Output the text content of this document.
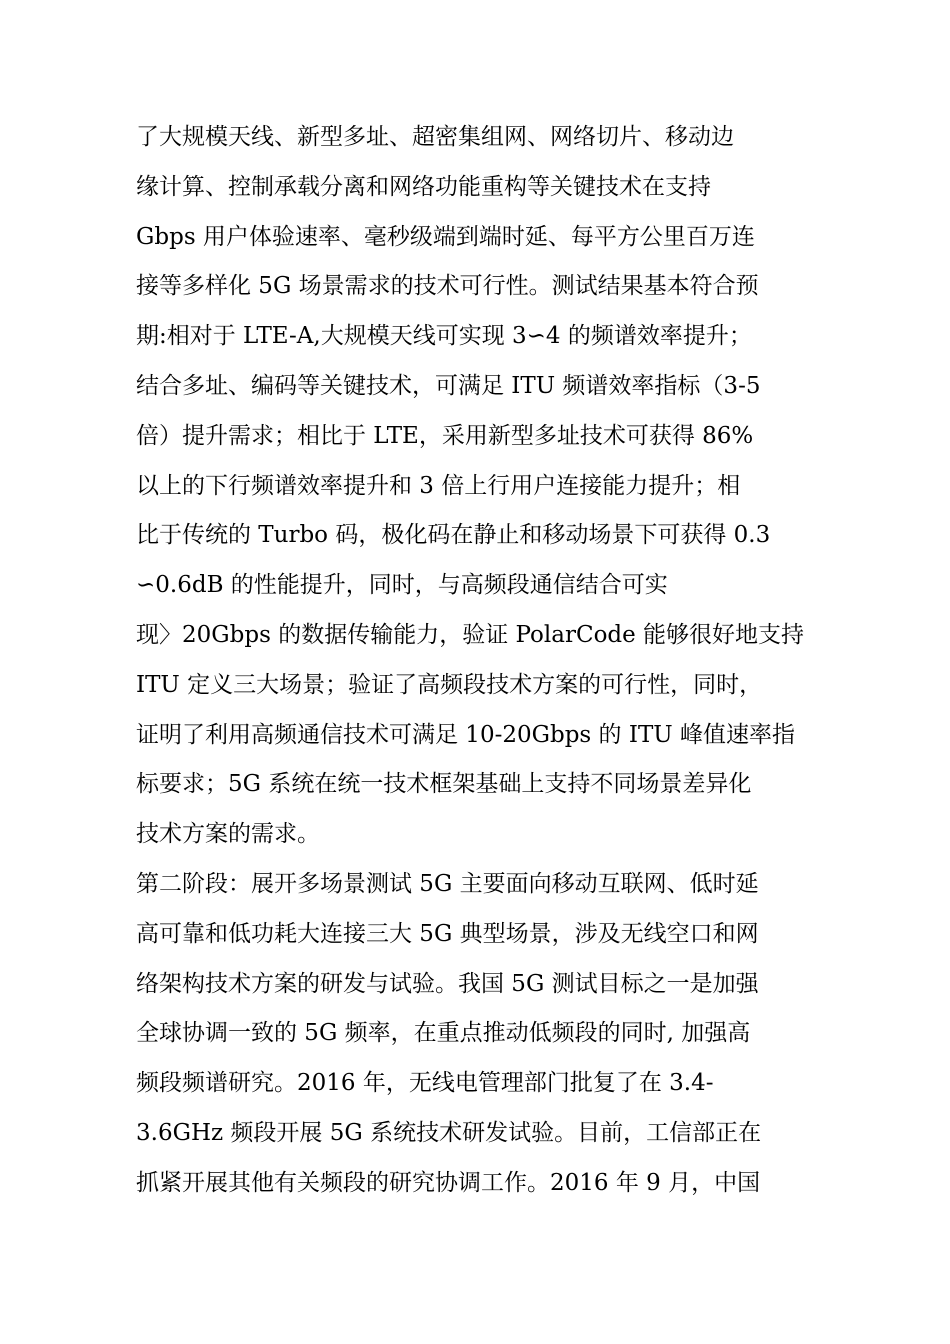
了大规模天线、新型多址、超密集组网、网络切片、移动边
缘计算、控制承载分离和网络功能重构等关键技术在支持
Gbps 用户体验速率、毫秒级端到端时延、每平方公里百万连
接等多样化 5G 场景需求的技术可行性。测试结果基本符合预
期:相对于 LTE-A,大规模天线可实现 3∽4 的频谱效率提升；
结合多址、编码等关键技术，可满足 ITU 频谱效率指标（3-5
倍）提升需求；相比于 LTE，采用新型多址技术可获得 86%
以上的下行频谱效率提升和 3 倍上行用户连接能力提升；相
比于传统的 Turbo 码，极化码在静止和移动场景下可获得 0.3
∽0.6dB 的性能提升，同时，与高频段通信结合可实
现〉20Gbps 的数据传输能力，验证 PolarCode 能够很好地支持
ITU 定义三大场景；验证了高频段技术方案的可行性，同时，
证明了利用高频通信技术可满足 10-20Gbps 的 ITU 峰值速率指
标要求；5G 系统在统一技术框架基础上支持不同场景差异化
技术方案的需求。
第二阶段：展开多场景测试 5G 主要面向移动互联网、低时延
高可靠和低功耗大连接三大 5G 典型场景，涉及无线空口和网
络架构技术方案的研发与试验。我国 5G 测试目标之一是加强
全球协调一致的 5G 频率，在重点推动低频段的同时, 加强高
频段频谱研究。2016 年，无线电管理部门批复了在 3.4-
3.6GHz 频段开展 5G 系统技术研发试验。目前，工信部正在
抓紧开展其他有关频段的研究协调工作。2016 年 9 月，中国
